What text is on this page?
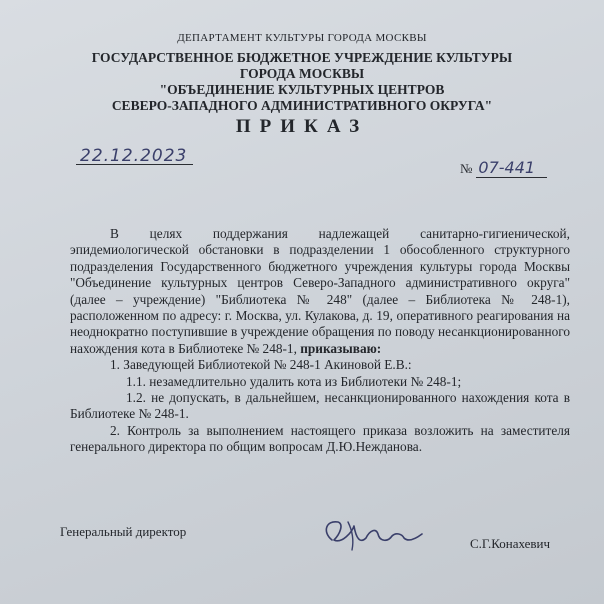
ДЕПАРТАМЕНТ КУЛЬТУРЫ ГОРОДА МОСКВЫ
ГОСУДАРСТВЕННОЕ БЮДЖЕТНОЕ УЧРЕЖДЕНИЕ КУЛЬТУРЫ
ГОРОДА МОСКВЫ
"ОБЪЕДИНЕНИЕ КУЛЬТУРНЫХ ЦЕНТРОВ
СЕВЕРО-ЗАПАДНОГО АДМИНИСТРАТИВНОГО ОКРУГА"
ПРИКАЗ
22.12.2023
№ 07-441

В целях поддержания надлежащей санитарно-гигиенической, эпидемиологической обстановки в подразделении 1 обособленного структурного подразделения Государственного бюджетного учреждения культуры города Москвы "Объединение культурных центров Северо-Западного административного округа" (далее – учреждение) "Библиотека № 248" (далее – Библиотека № 248-1), расположенном по адресу: г. Москва, ул. Кулакова, д. 19, оперативного реагирования на неоднократно поступившие в учреждение обращения по поводу несанкционированного нахождения кота в Библиотеке № 248-1, приказываю:

1. Заведующей Библиотекой № 248-1 Акиновой Е.В.:

1.1. незамедлительно удалить кота из Библиотеки № 248-1;

1.2. не допускать, в дальнейшем, несанкционированного нахождения кота в Библиотеке № 248-1.

2. Контроль за выполнением настоящего приказа возложить на заместителя генерального директора по общим вопросам Д.Ю.Нежданова.

Генеральный директор
С.Г.Конахевич
